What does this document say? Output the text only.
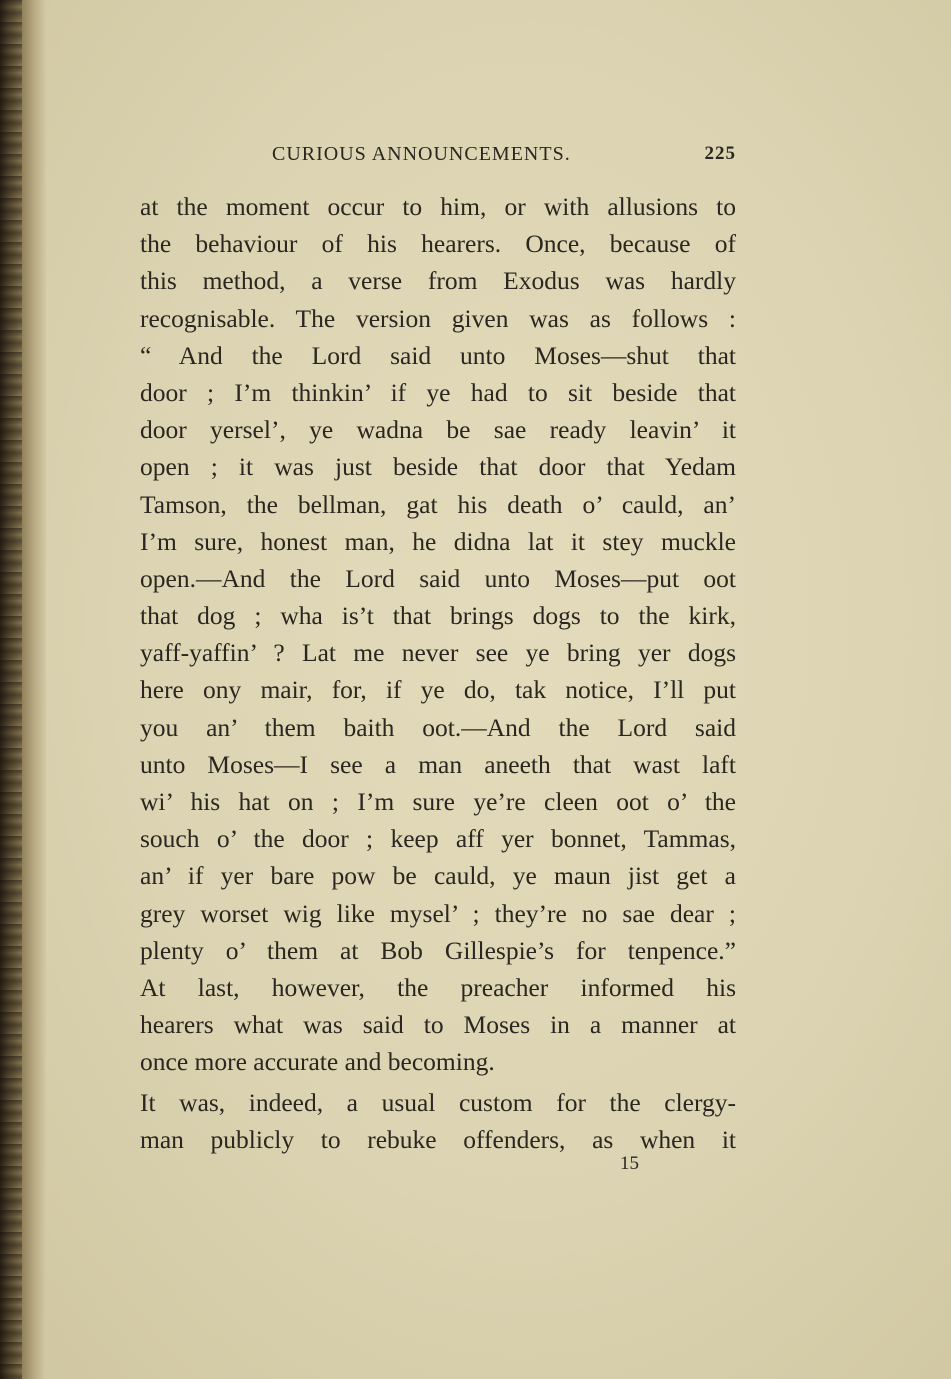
CURIOUS ANNOUNCEMENTS.	225
at the moment occur to him, or with allusions to
the behaviour of his hearers. Once, because of
this method, a verse from Exodus was hardly
recognisable. The version given was as follows :
“ And the Lord said unto Moses—shut that
door ; I’m thinkin’ if ye had to sit beside that
door yersel’, ye wadna be sae ready leavin’ it
open ; it was just beside that door that Yedam
Tamson, the bellman, gat his death o’ cauld, an’
I’m sure, honest man, he didna lat it stey muckle
open.—And the Lord said unto Moses—put oot
that dog ; wha is’t that brings dogs to the kirk,
yaff-yaffin’ ? Lat me never see ye bring yer dogs
here ony mair, for, if ye do, tak notice, I’ll put
you an’ them baith oot.—And the Lord said
unto Moses—I see a man aneeth that wast laft
wi’ his hat on ; I’m sure ye’re cleen oot o’ the
souch o’ the door ; keep aff yer bonnet, Tammas,
an’ if yer bare pow be cauld, ye maun jist get a
grey worset wig like mysel’ ; they’re no sae dear ;
plenty o’ them at Bob Gillespie’s for tenpence.”
At last, however, the preacher informed his
hearers what was said to Moses in a manner at
once more accurate and becoming.
It was, indeed, a usual custom for the clergy-
man publicly to rebuke offenders, as when it
15
